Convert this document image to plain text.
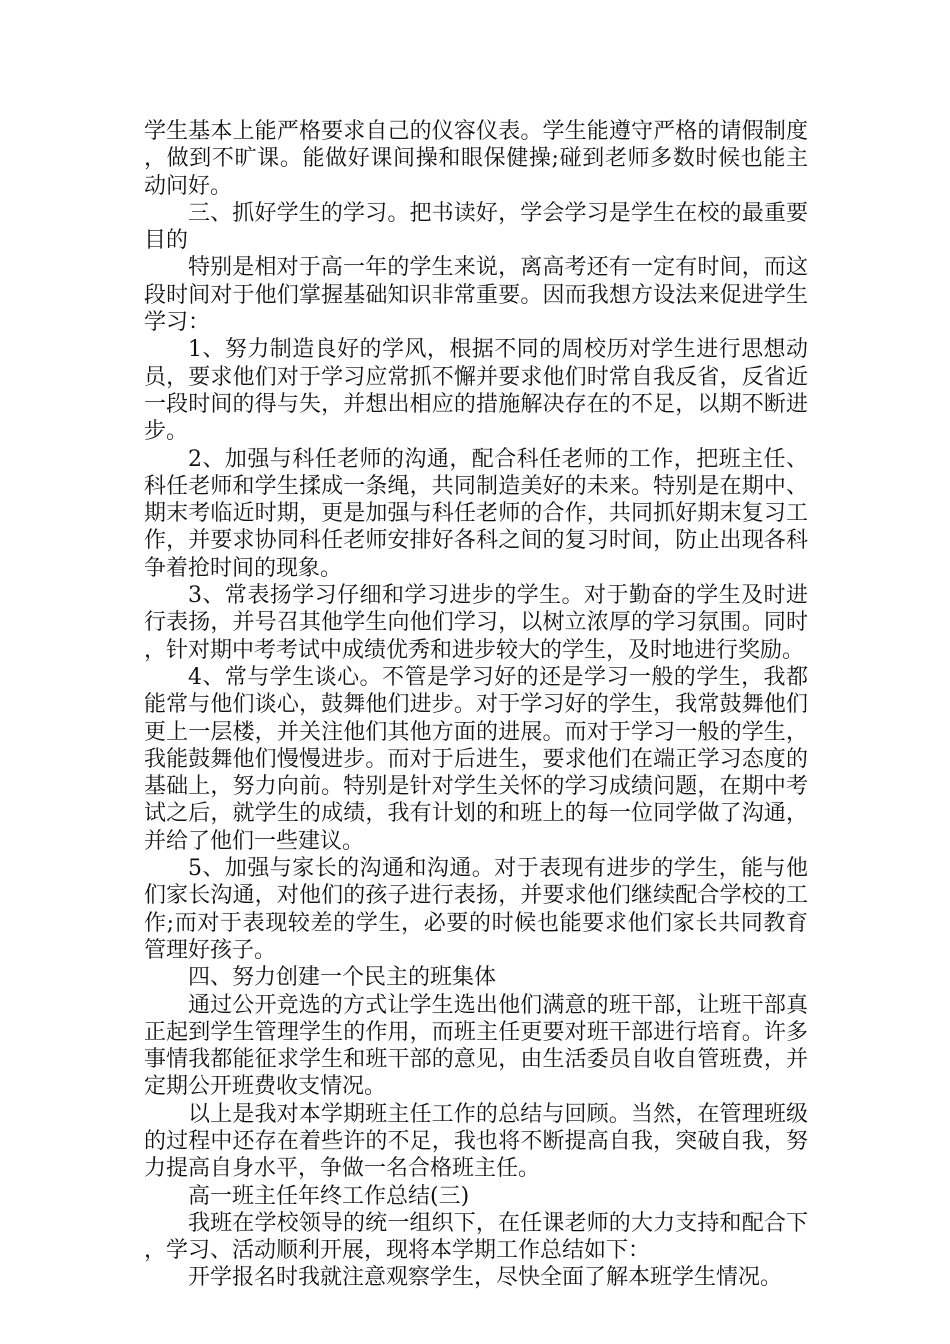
学生基本上能严格要求自己的仪容仪表。学生能遵守严格的请假制度，做到不旷课。能做好课间操和眼保健操;碰到老师多数时候也能主动问好。

三、抓好学生的学习。把书读好，学会学习是学生在校的最重要目的

特别是相对于高一年的学生来说，离高考还有一定有时间，而这段时间对于他们掌握基础知识非常重要。因而我想方设法来促进学生学习：

1、努力制造良好的学风，根据不同的周校历对学生进行思想动员，要求他们对于学习应常抓不懈并要求他们时常自我反省，反省近一段时间的得与失，并想出相应的措施解决存在的不足，以期不断进步。

2、加强与科任老师的沟通，配合科任老师的工作，把班主任、科任老师和学生揉成一条绳，共同制造美好的未来。特别是在期中、期末考临近时期，更是加强与科任老师的合作，共同抓好期末复习工作，并要求协同科任老师安排好各科之间的复习时间，防止出现各科争着抢时间的现象。

3、常表扬学习仔细和学习进步的学生。对于勤奋的学生及时进行表扬，并号召其他学生向他们学习，以树立浓厚的学习氛围。同时，针对期中考考试中成绩优秀和进步较大的学生，及时地进行奖励。

4、常与学生谈心。不管是学习好的还是学习一般的学生，我都能常与他们谈心，鼓舞他们进步。对于学习好的学生，我常鼓舞他们更上一层楼，并关注他们其他方面的进展。而对于学习一般的学生，我能鼓舞他们慢慢进步。而对于后进生，要求他们在端正学习态度的基础上，努力向前。特别是针对学生关怀的学习成绩问题，在期中考试之后，就学生的成绩，我有计划的和班上的每一位同学做了沟通，并给了他们一些建议。

5、加强与家长的沟通和沟通。对于表现有进步的学生，能与他们家长沟通，对他们的孩子进行表扬，并要求他们继续配合学校的工作;而对于表现较差的学生，必要的时候也能要求他们家长共同教育管理好孩子。

四、努力创建一个民主的班集体

通过公开竞选的方式让学生选出他们满意的班干部，让班干部真正起到学生管理学生的作用，而班主任更要对班干部进行培育。许多事情我都能征求学生和班干部的意见，由生活委员自收自管班费，并定期公开班费收支情况。

以上是我对本学期班主任工作的总结与回顾。当然，在管理班级的过程中还存在着些许的不足，我也将不断提高自我，突破自我，努力提高自身水平，争做一名合格班主任。

高一班主任年终工作总结(三)

我班在学校领导的统一组织下，在任课老师的大力支持和配合下，学习、活动顺利开展，现将本学期工作总结如下：

开学报名时我就注意观察学生，尽快全面了解本班学生情况。
